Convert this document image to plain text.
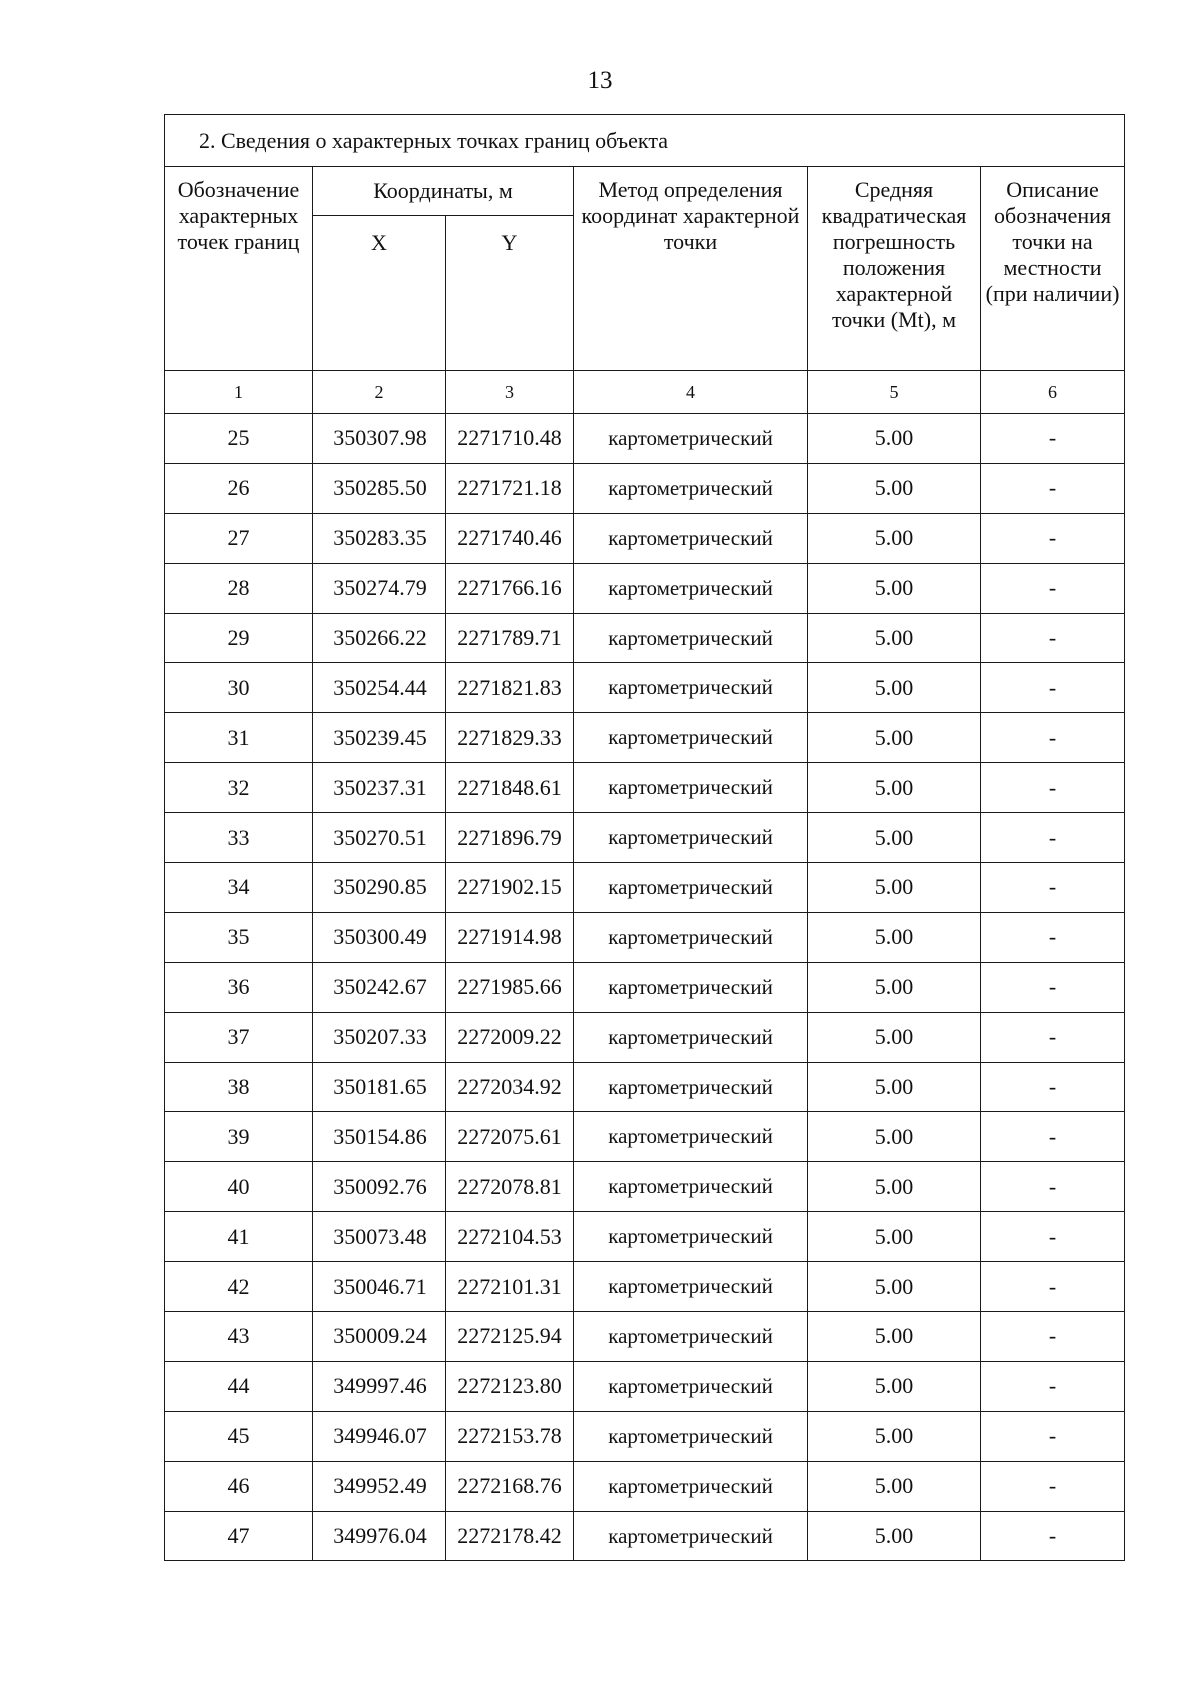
13
2. Сведения о характерных точках границ объекта					
Обозначение характерных точек границ	Координаты, м		Метод определения координат характерной точки	Средняя квадратическая погрешность положения характерной точки (Mt), м	Описание обозначения точки на местности (при наличии)
	X	Y			
1	2	3	4	5	6
25	350307.98	2271710.48	картометрический	5.00	-
26	350285.50	2271721.18	картометрический	5.00	-
27	350283.35	2271740.46	картометрический	5.00	-
28	350274.79	2271766.16	картометрический	5.00	-
29	350266.22	2271789.71	картометрический	5.00	-
30	350254.44	2271821.83	картометрический	5.00	-
31	350239.45	2271829.33	картометрический	5.00	-
32	350237.31	2271848.61	картометрический	5.00	-
33	350270.51	2271896.79	картометрический	5.00	-
34	350290.85	2271902.15	картометрический	5.00	-
35	350300.49	2271914.98	картометрический	5.00	-
36	350242.67	2271985.66	картометрический	5.00	-
37	350207.33	2272009.22	картометрический	5.00	-
38	350181.65	2272034.92	картометрический	5.00	-
39	350154.86	2272075.61	картометрический	5.00	-
40	350092.76	2272078.81	картометрический	5.00	-
41	350073.48	2272104.53	картометрический	5.00	-
42	350046.71	2272101.31	картометрический	5.00	-
43	350009.24	2272125.94	картометрический	5.00	-
44	349997.46	2272123.80	картометрический	5.00	-
45	349946.07	2272153.78	картометрический	5.00	-
46	349952.49	2272168.76	картометрический	5.00	-
47	349976.04	2272178.42	картометрический	5.00	-
